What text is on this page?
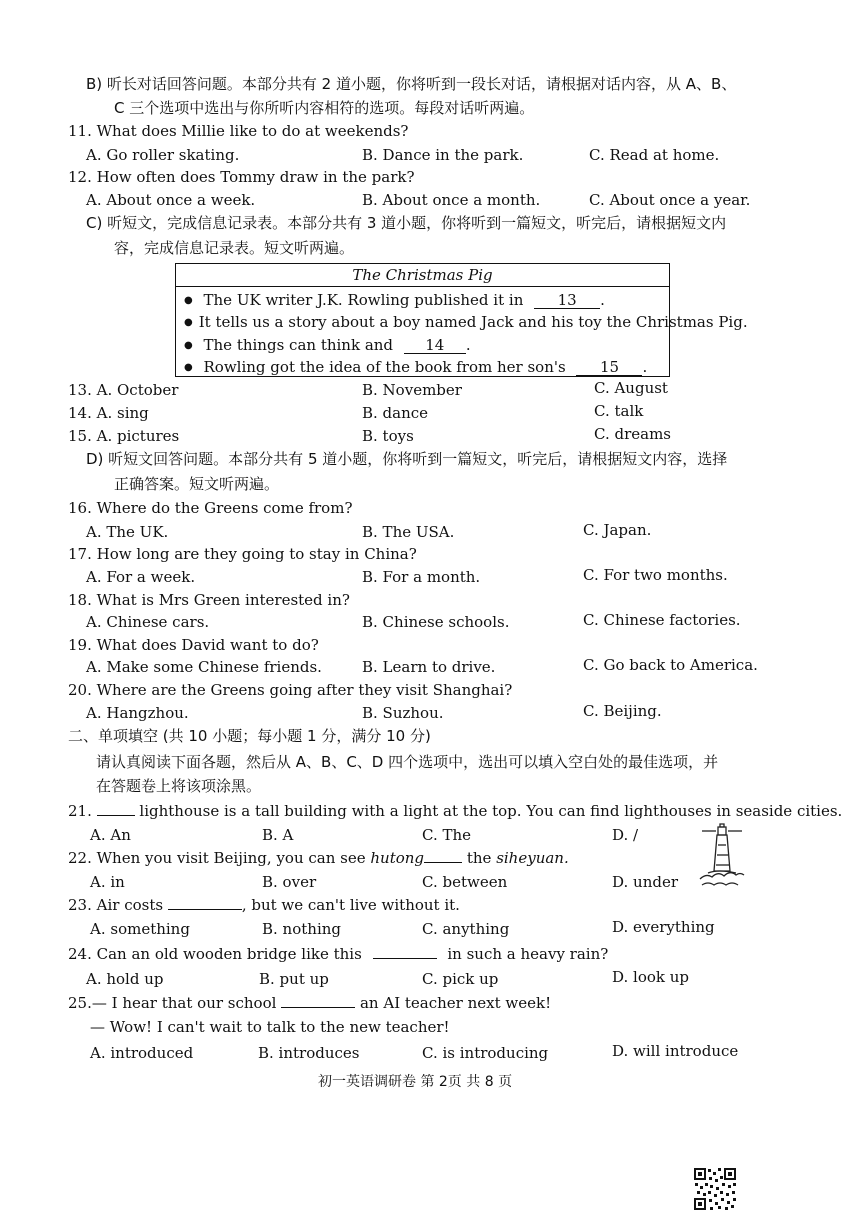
B) 听长对话回答问题。本部分共有 2 道小题，你将听到一段长对话，请根据对话内容，从 A、B、
C 三个选项中选出与你所听内容相符的选项。每段对话听两遍。
11. What does Millie like to do at weekends?
A. Go roller skating.	B. Dance in the park.	C. Read at home.
12. How often does Tommy draw in the park?
A. About once a week.	B. About once a month.	C. About once a year.
C) 听短文，完成信息记录表。本部分共有 3 道小题，你将听到一篇短文，听完后，请根据短文内
容，完成信息记录表。短文听两遍。
The Christmas Pig
● The UK writer J.K. Rowling published it in 13 .
● It tells us a story about a boy named Jack and his toy the Christmas Pig.
● The things can think and 14 .
● Rowling got the idea of the book from her son's 15 .
13. A. October	B. November	C. August
14. A. sing	B. dance	C. talk
15. A. pictures	B. toys	C. dreams
D) 听短文回答问题。本部分共有 5 道小题，你将听到一篇短文，听完后，请根据短文内容，选择
正确答案。短文听两遍。
16. Where do the Greens come from?
A. The UK.	B. The USA.	C. Japan.
17. How long are they going to stay in China?
A. For a week.	B. For a month.	C. For two months.
18. What is Mrs Green interested in?
A. Chinese cars.	B. Chinese schools.	C. Chinese factories.
19. What does David want to do?
A. Make some Chinese friends.	B. Learn to drive.	C. Go back to America.
20. Where are the Greens going after they visit Shanghai?
A. Hangzhou.	B. Suzhou.	C. Beijing.
二、单项填空 (共 10 小题；每小题 1 分，满分 10 分)
请认真阅读下面各题，然后从 A、B、C、D 四个选项中，选出可以填入空白处的最佳选项，并
在答题卷上将该项涂黑。
21.	lighthouse is a tall building with a light at the top. You can find lighthouses in seaside cities.
A. An	B. A	C. The	D. /
22. When you visit Beijing, you can see hutong	the siheyuan.
A. in	B. over	C. between	D. under
23. Air costs	, but we can't live without it.
A. something	B. nothing	C. anything	D. everything
24. Can an old wooden bridge like this	in such a heavy rain?
A. hold up	B. put up	C. pick up	D. look up
25.— I hear that our school	an AI teacher next week!
— Wow! I can't wait to talk to the new teacher!
A. introduced	B. introduces	C. is introducing	D. will introduce
初一英语调研卷 第 2页 共 8 页
